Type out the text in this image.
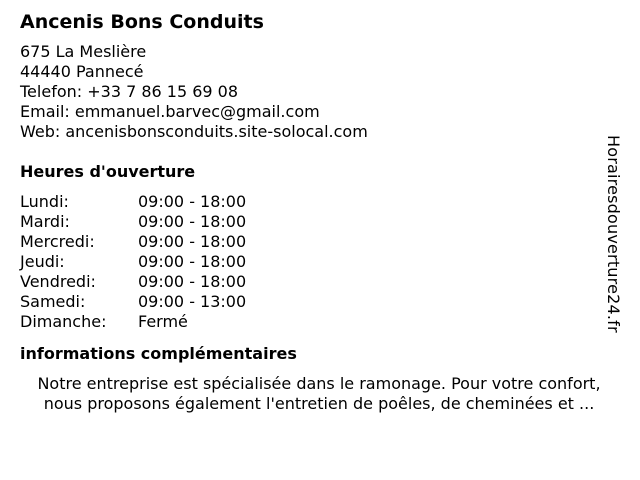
Ancenis Bons Conduits
675 La Meslière
44440 Pannecé
Telefon: +33 7 86 15 69 08
Email: emmanuel.barvec@gmail.com
Web: ancenisbonsconduits.site-solocal.com
Heures d'ouverture
Lundi:	09:00 - 18:00
Mardi:	09:00 - 18:00
Mercredi:	09:00 - 18:00
Jeudi:	09:00 - 18:00
Vendredi:	09:00 - 18:00
Samedi:	09:00 - 13:00
Dimanche:	Fermé
informations complémentaires
Notre entreprise est spécialisée dans le ramonage. Pour votre confort,
nous proposons également l'entretien de poêles, de cheminées et ...
Horairesdouverture24.fr
